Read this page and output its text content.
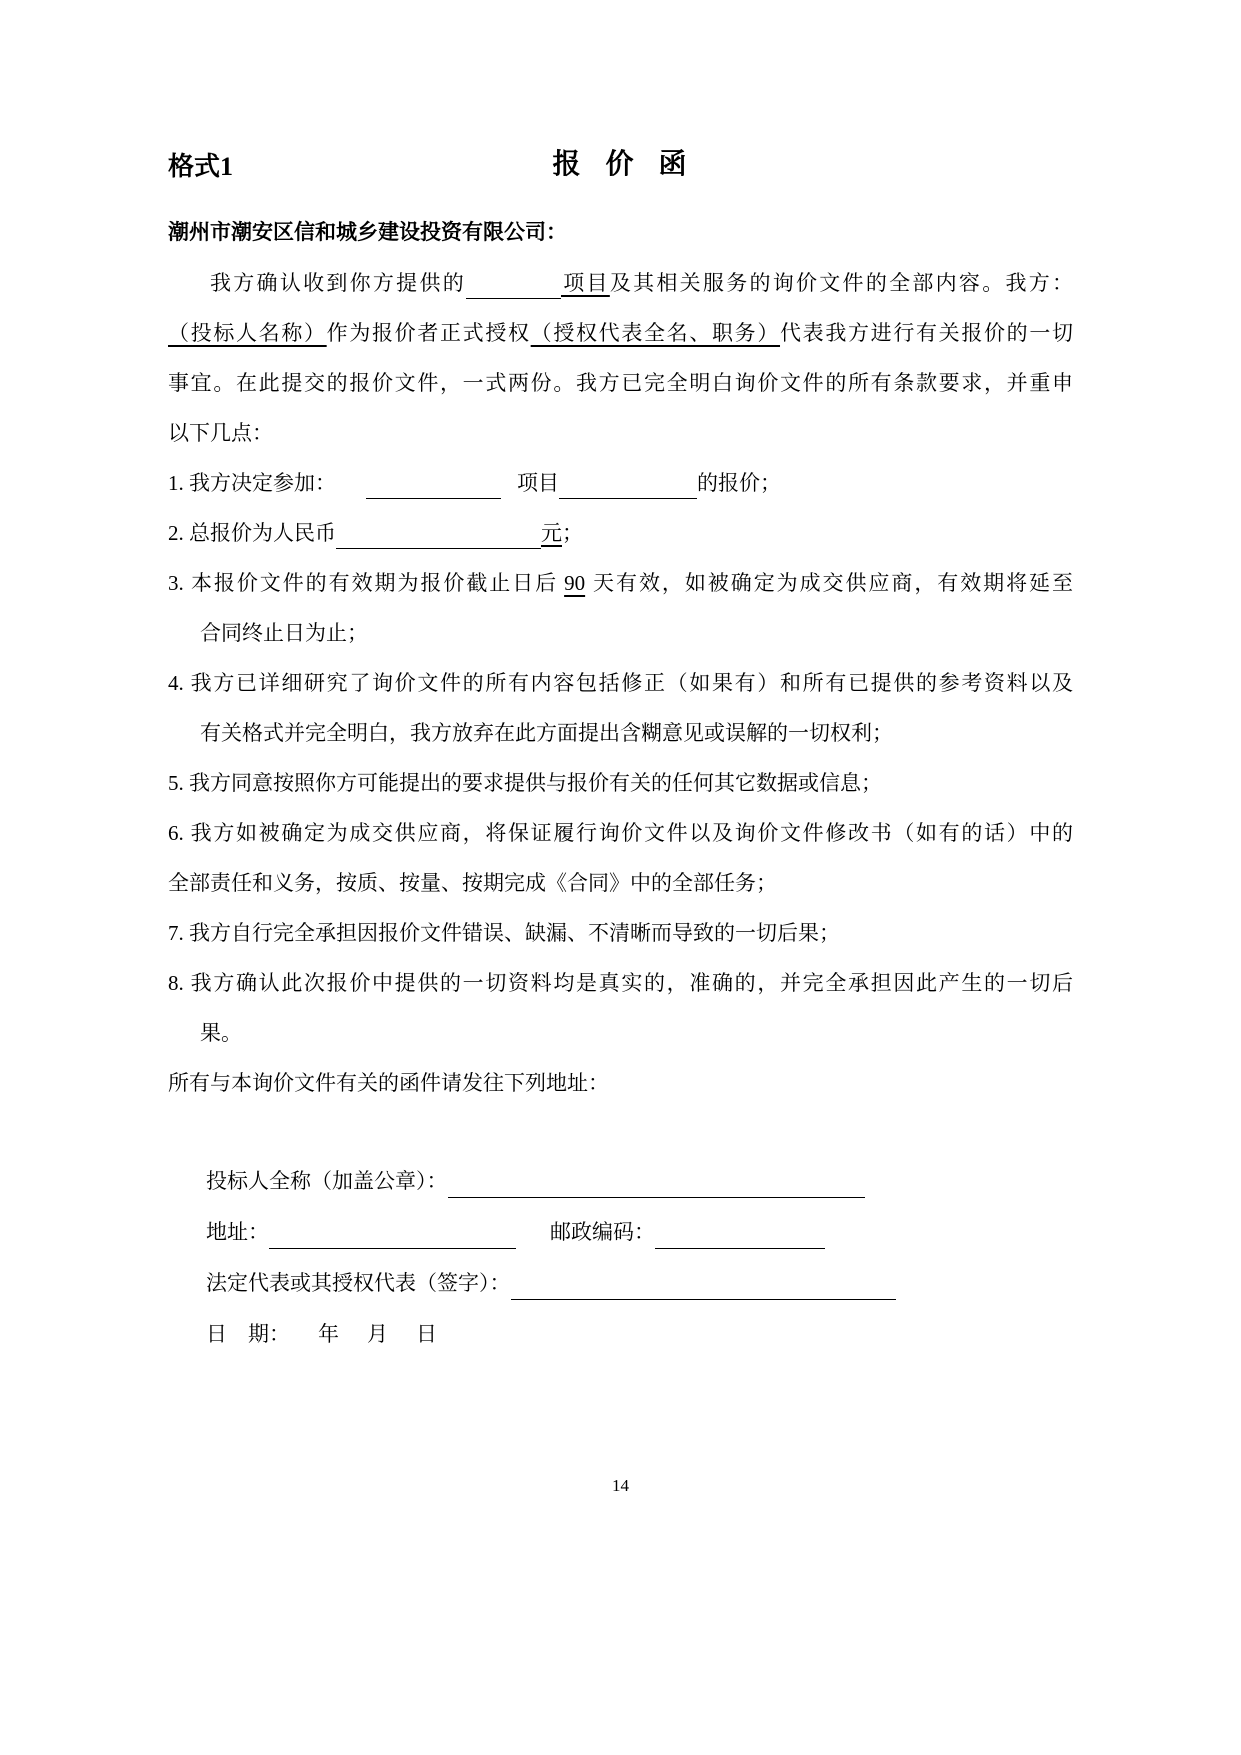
格式1	报 价 函
潮州市潮安区信和城乡建设投资有限公司：
我方确认收到你方提供的	项目及其相关服务的询价文件的全部内容。我方：
（投标人名称）作为报价者正式授权（授权代表全名、职务）代表我方进行有关报价的一切
事宜。在此提交的报价文件，一式两份。我方已完全明白询价文件的所有条款要求，并重申
以下几点：
1. 我方决定参加：	项目	的报价；
2. 总报价为人民币	元；
3. 本报价文件的有效期为报价截止日后 90 天有效，如被确定为成交供应商，有效期将延至
合同终止日为止；
4. 我方已详细研究了询价文件的所有内容包括修正（如果有）和所有已提供的参考资料以及
有关格式并完全明白，我方放弃在此方面提出含糊意见或误解的一切权利；
5. 我方同意按照你方可能提出的要求提供与报价有关的任何其它数据或信息；
6. 我方如被确定为成交供应商，将保证履行询价文件以及询价文件修改书（如有的话）中的
全部责任和义务，按质、按量、按期完成《合同》中的全部任务；
7. 我方自行完全承担因报价文件错误、缺漏、不清晰而导致的一切后果；
8. 我方确认此次报价中提供的一切资料均是真实的，准确的，并完全承担因此产生的一切后
果。
所有与本询价文件有关的函件请发往下列地址：
投标人全称（加盖公章）：
地址：	邮政编码：
法定代表或其授权代表（签字）：
日　期： 年 月 日
14
